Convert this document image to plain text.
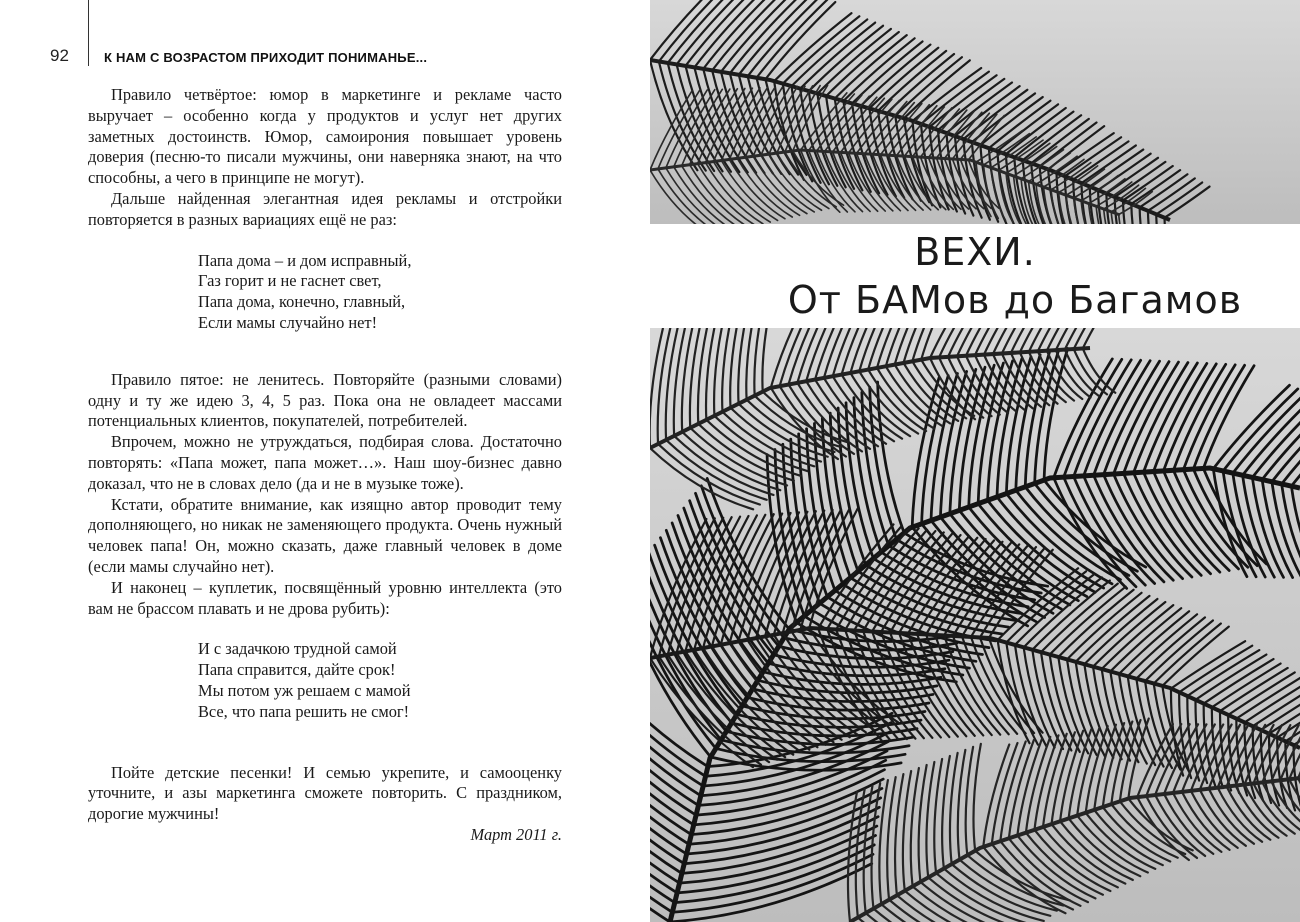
92	К НАМ С ВОЗРАСТОМ ПРИХОДИТ ПОНИМАНЬЕ...

Правило четвёртое: юмор в маркетинге и рекламе часто выручает – особенно когда у продуктов и услуг нет других заметных достоинств. Юмор, самоирония повышает уровень доверия (песню-то писали мужчины, они наверняка знают, на что способны, а чего в принципе не могут).

Дальше найденная элегантная идея рекламы и отстройки повторяется в разных вариациях ещё не раз:

Папа дома – и дом исправный,
Газ горит и не гаснет свет,
Папа дома, конечно, главный,
Если мамы случайно нет!

Правило пятое: не ленитесь. Повторяйте (разными словами) одну и ту же идею 3, 4, 5 раз. Пока она не овладеет массами потенциальных клиентов, покупателей, потребителей.

Впрочем, можно не утруждаться, подбирая слова. Достаточно повторять: «Папа может, папа может…». Наш шоу-бизнес давно доказал, что не в словах дело (да и не в музыке тоже).

Кстати, обратите внимание, как изящно автор проводит тему дополняющего, но никак не заменяющего продукта. Очень нужный человек папа! Он, можно сказать, даже главный человек в доме (если мамы случайно нет).

И наконец – куплетик, посвящённый уровню интеллекта (это вам не брассом плавать и не дрова рубить):

И с задачкою трудной самой
Папа справится, дайте срок!
Мы потом уж решаем с мамой
Все, что папа решить не смог!

Пойте детские песенки! И семью укрепите, и самооценку уточните, и азы маркетинга сможете повторить. С праздником, дорогие мужчины!

Март 2011 г.

ВЕХИ.
От БАМов до Багамов
